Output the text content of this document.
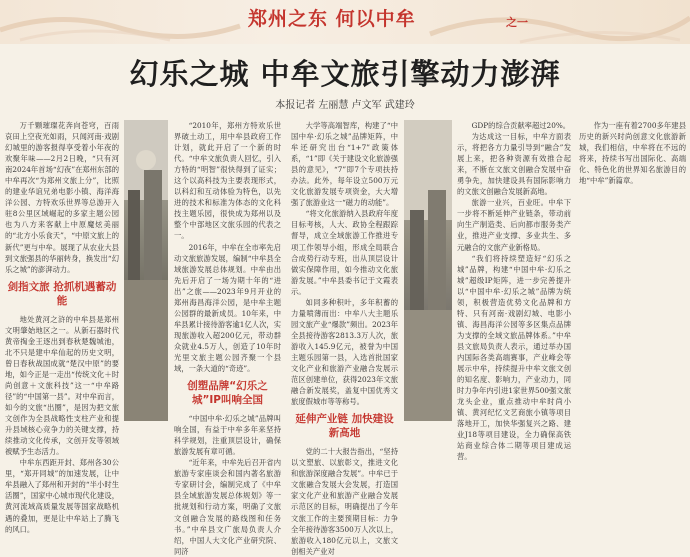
郑州之东 何以中牟	之一
幻乐之城 中牟文旅引擎动力澎湃
本报记者 左丽慧 卢文军 武建玲

万千颗璀璨花奔向苍穹，百雨哀田上空夜光如雨，只闻河南·戏剧幻城里的游客报得享受着小年夜的欢聚年味——2月2日晚，“只有河南2024年首场“幻夜”在郑州东部的中牟再次“为郑州文旅上分”，比照的建业华谊兄弟电影小镇、海洋海洋公园、方特欢乐世界等总游开入驻8公里区域崛起的多家主题公园也为八方来客献上中原魔炫美丽的“北方小乐食天”，“中原文旅上的新代”更与中牟。展现了从农业大县到文旅强县的华丽转身，换发出“幻乐之城”的澎湃动力。

剑指文旅 抢抓机遇蓄动能

地处黄河之浒的中牟县是郑州文明肇始地区之一。从新石器时代黄帝掏金王逐出到春秋楚魏城池，北不只是建中牟仙起的历史文明，曾日春秋战国成就“楚汉中原”的要地，如今正是一走出“传统文化＋时尚创意＋文旅科技”这一“中牟路径”的“中国第一县”。对中牟而言，如今的文旅“出圈”，是因为把文旅文创作为全县战略性支柱产业和提升县域核心竞争力的关键支撑，持续推动文化传承，文创开发等领域被赋予生态活力。

中牟东西距开封、郑州各30公里，“郑开同城”的加速发展，让中牟县融入了郑州和开封的“半小时生活圈”，国家中心城市现代化建设，黄河流域高质量发展等国家战略机遇的叠加，更是让中牟站上了腾飞的风口。

“2010年，郑州方特欢乐世界破土动工，用中牟县政府工作计划，就此开启了一个新的时代。“中牟文旅负责人回忆，引入方特的“明智”很快得到了证实；这个以高科技为主要表现形式，以科幻和互动体验为特色，以先进的技术和标准为体态的文化科技主题乐园，很快成为郑州以及整个中部地区文旅乐园的代表之一。

2016年，中牟在全市率先启动文旅旅游发展，编制“中牟县全域旅游发展总体规划。中牟由出先后开启了一场为期十年的“进出”之旅——2023年9月开业的郑州海昌海洋公园，是中牟主题公园群的最新成员。10年来，中牟县累计接待游客逾1亿人次，实现旅游收入超200亿元，带动群众就业4.5万人，创造了10年时光里文旅主题公园齐聚一个县域，一条大道的“奇迹”。

创塑品牌“幻乐之城”IP叫响全国

“中国中牟·幻乐之城”品牌叫响全国，有益于中牟多年来坚持科学规划，注重顶层设计，确保旅游发展有章可循。

“近年来，中牟先后召开省内旅游专家座谈会和国内著名旅游专家研讨会，编制完成了《中牟县全域旅游发展总体规划》等一批规划和行动方案，明确了文旅文创融合发展的路线图和任务书。”中牟县文广旅局负责人介绍，中国人大文化产业研究院、同济

大学等高端智库，构建了“中国中牟·幻乐之城”品牌矩阵，中牟还研究出台“1+7”政策体系，“1”即《关于建设文化旅游强县的意见》，“7”即7个专项扶持办法。此外，每年设立500万元文化旅游发展专项资金，大大增强了旅游业这一“磁力的动能”。

“将文化旅游纳入县政府年度目标考核，人大、政协全程跟踪督导，成立全域旅游工作推进专项工作领导小组，形成全局联合合成势行动专班，出从顶层设计做实保障作用，如今推动文化旅游发展。”中牟县委书记于文霞表示。

如同多种积叶，多年积蓄的力量喷薄而出：中牟八大主题乐园文旅产业“爆款”频出。2023年全县接待游客2813.3万人次，旅游收入145.9亿元，被誉为中国主题乐园第一县，入选首批国家文化产业和旅游产业融合发展示范区创建单位，获得2023年文旅融合新发展奖，盖复中国优秀文旅度假城市等等称号。

延伸产业链 加快建设新高地

党的二十大报告指出，“坚持以文塑旅、以旅彰文，推进文化和旅游深度融合发展”。中牟已于文旅融合发展大会发展，打造国家文化产业和旅游产业融合发展示范区的目标，明确提出了今年文旅工作的主要预期目标：力争全年接待游客3500万人次以上，旅游收入180亿元以上，文旅文创相关产业对

GDP的综合贡献率超过20%。

为达成这一目标，中牟方面表示，将把各方力量引导到“融合”发展上来，把各种资源有效推合起来，不断在文旅文创融合发展中奋勇争先，加快建设具有国际影响力的文旅文创融合发展新高地。

旅游一业兴，百业旺。中牟下一步将不断延伸产业链条，带动前向生产制造类、后向都市服务类产业，推进产业支撑、多业共生、多元融合的文旅产业新格局。

“我们将持续塑造好“幻乐之城”品牌，构建“中国中牟·幻乐之城”超级IP矩阵，进一步完善提升以“中国中牟·幻乐之城”品牌为统领，积极营造优势文化品牌和方特、只有河南·戏剧幻城、电影小镇、海昌海洋公园等多区集点品牌为支撑的全域文旅品牌体系。”中牟县文旅局负责人表示，通过举办国内国际各类高端赛事，产业峰会等展示中牟，持续提升中牟文旅文创的知名度、影响力，产业动力，同时力争年内引进1家世界500强文旅龙头企业，重点推动中牟时尚小镇、黄河纪忆文艺商旅小镇等项目落地开工，加快华强复兴之路、建业J18等项目建设，全力确保高铁站商业综合体二期等项目建成运营。

作为一座有着2700多年建县历史的新兴时尚创意文化旅游新城，我们相信，中牟将在不远的将来，持续书写出国际化、高端化、特色化的世界知名旅游目的地“中牟”新篇章。
